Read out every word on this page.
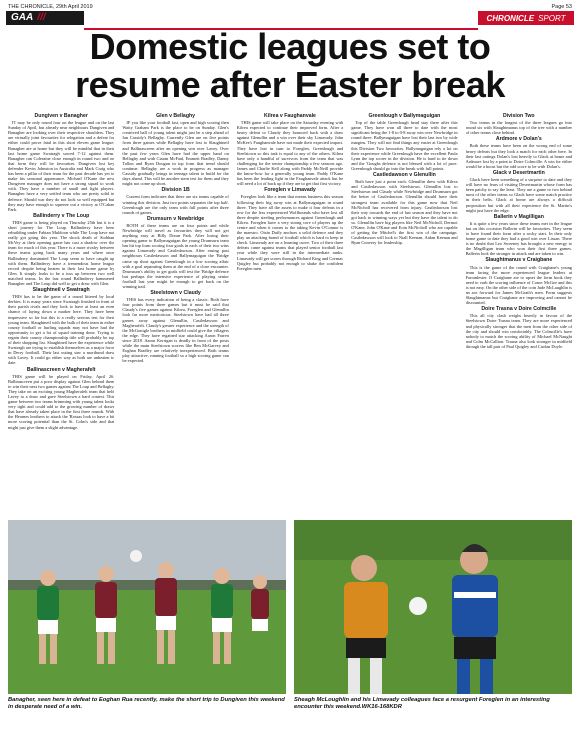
THE CHRONICLE, 29th April 2019	Page 53
GAA ///	CHRONICLE SPORT
Domestic leagues set to
resume after Easter break
Dungiven v Banagher

IT may be only round four on the league and on the last Sunday of April, but already near neighbours Dungiven and Banagher are looking over their respective shoulders. They are virtually joint favourites for relegation and a defeat for either could prove fatal in this short eleven game league. Banagher are at home but they will be mindful that in their last home game Swatragh sowed 7-12 against them. Banagher ran Coleraine close enough in round two and on that form they will be favourites. Dungiven lost key defender Kevin Johnston in Australia and Mark Craig who has been a pillar of their team for the past decade has yet to make his seasonal appearance. Michael O'Kane the new Dungiven manager does not have a strong squad to work with. They have a number of small and light players. Banagher have a very settled team who are pretty solid in defence. Should war they do not look so well equipped but they may have enough to squeeze out a victory at O'Cahan Park.

Ballinderry v The Loup

THIS game is being played on Thursday 25th but it is a short journey for The Loup. Ballinderry have been rebuilding under Fabian Muldoon while The Loup have not really got going this year. The shock death of Siobhan McVey at their opening game has cast a shadow over the team for much of this year. There is a more rivalry between these teams going back many years and where once Ballinderry dominated The Loup seem to have caught up with them. Ballinderry have a tremendous home league record despite being beaten in their last home game by Glen. It simply looks to be a toss up between two well matched teams. In the last round Ballinderry hammered Banagher and The Loup did well to get a draw with Glen.

Slaughtneil v Swatragh

THIS has to be the game of a round littered by local derbies. It is many years since Swatragh finished in front of their parish rivals and they look to have at least an even chance of laying down a marker here. They have been impressive so far but this is a really serious test for their young team. Slaughtneil with the bulk of their team in either county football or hurling squads may not have had the opportunity to get a lot of squad training done. Trying to regain their county championship title will probably be top of their shopping list. Slaughtneil have the experience while Swatragh are trying to establish themselves as a major force in Derry football. Their last outing saw a moribund draw with Lavey. It could go either way as both are unbeaten to date.

Ballinascreen v Magherafelt

THIS game will be played on Friday, April 26. Ballinascreen put a poor display against Glen behind them to win their next two games against The Loup and Bellaghy. They take on an exciting young Magherafelt team that held Lavey to a draw and gave Steelstown a hard contest. This game between two teams brimming with young talent looks very tight and could add to the growing number of draws that have already taken place in the first three rounds. With the Hearnes brothers to attack the 'Rossas look to have a bit more scoring potential than the St. Colm's side and that might just give them a slight advantage.

Glen v Bellaghy

IF you like your football fast, open and high scoring then Watty Graham Park is the place to be on Sunday. Glen's contrived ball of young talent might just be a step ahead of Ian Cassidy's Bellaghy. Currently Glen are on five points from three games while Bellaghy have lost to Slaughtneil and Ballinascreen after an opening win over Lavey. Over the past few years Glen have had the upper hand on Bellaghy and with Ciaran McFaul, Emmett Bradley, Danny Tallon and Ryan Dougan in top form that trend should continue. Bellaghy are a work in progress as manager Cassidy gradually brings in teenage talent to build for the days ahead. This will be another stern test for them and they might not come up short.

Division 1B

Current form indicates that there are six teams capable of winning this division. Just two points separates the top half. Greenlough are the only team with full points after three rounds of games.

Drumsurn v Newbridge

BOTH of these teams are on four points and while Newbridge will travel as favourites they will not get anything easy at Billy Doran Park. After losing their opening game to Ballymaguigan the young Drumsurn team has hit top form scoring four goals in each of their two wins against Limavady and Castledawson. After easing past neighbours Castledawson and Ballymaguigan the 'Bridge came up short against Greenlough in a low scoring affair with a goal separating them at the end of a close encounter. Drumsurn's ability to get goals will test the 'Bridge defence but perhaps the intensive experience of playing senior football last year might be enough to get back on the winning trail.

Steelstown v Claudy

THIS has every indication of being a classic. Both have four points from three games but it must be said that Claudy's five games against Kilrea, Foreglen and Glenullin look far more meritorious. Steelstown have had all three games away against Glenullin, Castledawson and Magherafelt. Claudy's greater experience and the strength of the McGonigle brothers in midfield could give the villagers the edge. They have regained star attacking Aaron Farren since 2018. Aaron Kerrigan is deadly in front of the posts while the main Steelstown scorers like Ben McGarvey and Eoghan Bradley are relatively inexperienced. Both teams play attractive, running football so a high scoring game can be expected.

Kilrea v Faughanvale

THIS game will take place on the Saturday evening with Kilrea expected to continue their improved form. After a heavy defeat to Claudy they bounced back with a draw against Glenullin and a win over their sky Limavady. John McKee's Faughanvale have not made their expected impact. They have lost in turn to Foreglen, Greenlough and Steelstown so this task is equal to any of the others. Kilrea have only a handful of survivors from the team that was challenging for the senior championship a few seasons ago. James and Charlie Kell along with Paddy McNeill provide the know-how for a generally young team. Paddy O'Kane has been the leading light in the Faughanvale attack but he will need a lot of back up if they are to get that first victory.

Foreglen v Limavady

Foreglen look like a team that means business this season following their big away win at Ballymaguigan in round three. They have all the assets to make it four defeats in a row for the less experienced Wolfhounds who have lost all three despite steeling performances against Greenlough and Kilrea. Foreglen have a very strong core of players up the centre and when it comes to the taking Kevin O'Connor is the maestro. Oisín Duffy anchors a solid defence and they play an attacking brand of football which is hard to keep in check. Limavady are on a learning curve. Two of their three defeats came against teams that played senior football last year while they were still in the intermediate ranks. Limavady will get scores through Richard King and Cormac Quigley but probably not enough to shake the confident Foreglen men.

Greenlough v Ballymaguigan

Top of the table Greenlough head stay there after this game. They have won all three to date with the most significant being the 1-8 to 0-8 away win over Newbridge in round three. Ballymaguigan have lost their last two by wide margins. They will not find things any easier at Greenlough this Division Two favourites. Ballymaguigan rely a lot on their experience while Greenlough have the excellent Paula Lynn the top scorer in the division. He is hard to tie down and the 'Goughs defence is not blessed with a lot of pace. Greenlough should go into the break with full points.

Castledawson v Glenullin

Both have just a point each. Glenullin drew with Kilrea and Castledawson with Steelstown. Glenullin lost to Steelstown and Claudy while Newbridge and Drumsurn got the better of Castledawson. Glenullin should have their strongest team available for this game now that Neil McNicholl has recovered from injury. Castledawson lost their way towards the end of last season and they have not got back to winning ways yet but they have the talent to do so. Glenullin have big players like Neil McNicholl, Dermot O'Kane, John O'Kane and Eoin McNicholl who are capable of getting the Mitchel's the first win of the campaign. Castledawson will look to Niall Keenan, Aidan Keenan and Ryan Convery for leadership.

Division Two

Two teams in the longest of the three leagues go into round six with Slaughtmanus top of the tree with a number of other teams close behind.

Ardmore v Dolan's

Both these teams have been on the wrong end of some heavy defeats but they look a match for each other here. In their last outings Dolan's lost heavily to Glack at home and Ardmore lost by a point to Doire Colmcille. A win for either would be a boost but the odd score to be with Dolan's.

Glack v Desertmartin

Glack have been something of a surprise to date and they will have no fears of visiting Desertmartin whose form has been patchy to say the least. They are a game or two behind most of the other teams so Glack have some match practice in their belts. Glack at home are always a difficult proposition but with all their experience the St. Martin's might just have the edge.

Ballerin v Magilligan

It is quite a few years since these teams met in the league but on this occasion Ballerin will be favourites. They seem to have found their form after a rocky start. In their only home game to date they had a good win over Lissan. There is no doubt that Leo Sweeney has brought a new energy to the Magilligan team who won their first three games. Ballerin look the stronger in attack and are taken to win.

Slaughtmanus v Craigbane

This is the game of the round with Craigbane's young team facing the more experienced league leaders at Farranlester. If Craigbane are to upset the form book they need to curb the scoring influence of Conor McGee and this is not easy. On the other side of the coin Jude McLaughlin is an ace forward for James McGrath's men. Form suggests Slaughtmanus but Craigbane are improving and cannot be discounted.

Doire Trasna v Doire Colmcille

This all city clash weighs heavily in favour of the Steelstown Doire Trasna team. They are more experienced and physically stronger that the men from the other side of the city and should win comfortably. The Colmcille's have nobody to match the scoring ability of Michael McNaught and Colm McCallion. Trasna also look stronger in midfield through the tall pair of Paul Quigley and Caolan Doyle.

Banagher, seen here in defeat to Eoghan Rua recently, make the short trip to Dungiven this weekend in desperate need of a win.

Sheagh McLoughlin and his Limavady colleagues face a resurgent Foreglen in an interesting encounter this weekend.WK16-168KDR
